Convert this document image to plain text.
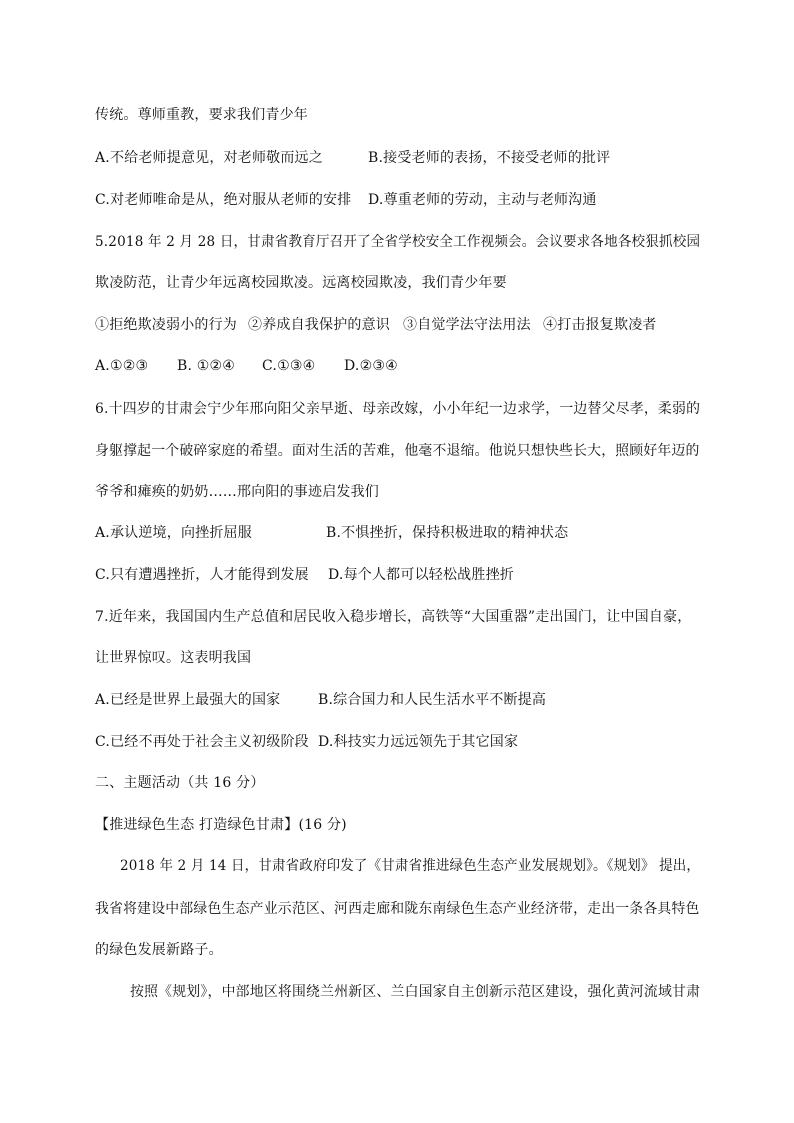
传统。尊师重教，要求我们青少年
A.不给老师提意见，对老师敬而远之	B.接受老师的表扬，不接受老师的批评
C.对老师唯命是从，绝对服从老师的安排 D.尊重老师的劳动，主动与老师沟通
5.2018 年 2 月 28 日，甘肃省教育厅召开了全省学校安全工作视频会。会议要求各地各校狠抓校园
欺凌防范，让青少年远离校园欺凌。远离校园欺凌，我们青少年要
①拒绝欺凌弱小的行为 ②养成自我保护的意识 ③自觉学法守法用法 ④打击报复欺凌者
A.①②③ B. ①②④ C.①③④ D.②③④
6.十四岁的甘肃会宁少年邢向阳父亲早逝、母亲改嫁，小小年纪一边求学，一边替父尽孝，柔弱的
身躯撑起一个破碎家庭的希望。面对生活的苦难，他毫不退缩。他说只想快些长大，照顾好年迈的
爷爷和瘫痪的奶奶……邢向阳的事迹启发我们
A.承认逆境，向挫折屈服	B.不惧挫折，保持积极进取的精神状态
C.只有遭遇挫折，人才能得到发展 D.每个人都可以轻松战胜挫折
7.近年来，我国国内生产总值和居民收入稳步增长，高铁等“大国重器”走出国门，让中国自豪，
让世界惊叹。这表明我国
A.已经是世界上最强大的国家	B.综合国力和人民生活水平不断提高
C.已经不再处于社会主义初级阶段 D.科技实力远远领先于其它国家
二、主题活动（共 16 分）
【推进绿色生态 打造绿色甘肃】(16 分)
2018 年 2 月 14 日，甘肃省政府印发了《甘肃省推进绿色生态产业发展规划》。《规划》 提出，
我省将建设中部绿色生态产业示范区、河西走廊和陇东南绿色生态产业经济带，走出一条各具特色
的绿色发展新路子。
按照《规划》，中部地区将围绕兰州新区、兰白国家自主创新示范区建设，强化黄河流域甘肃
